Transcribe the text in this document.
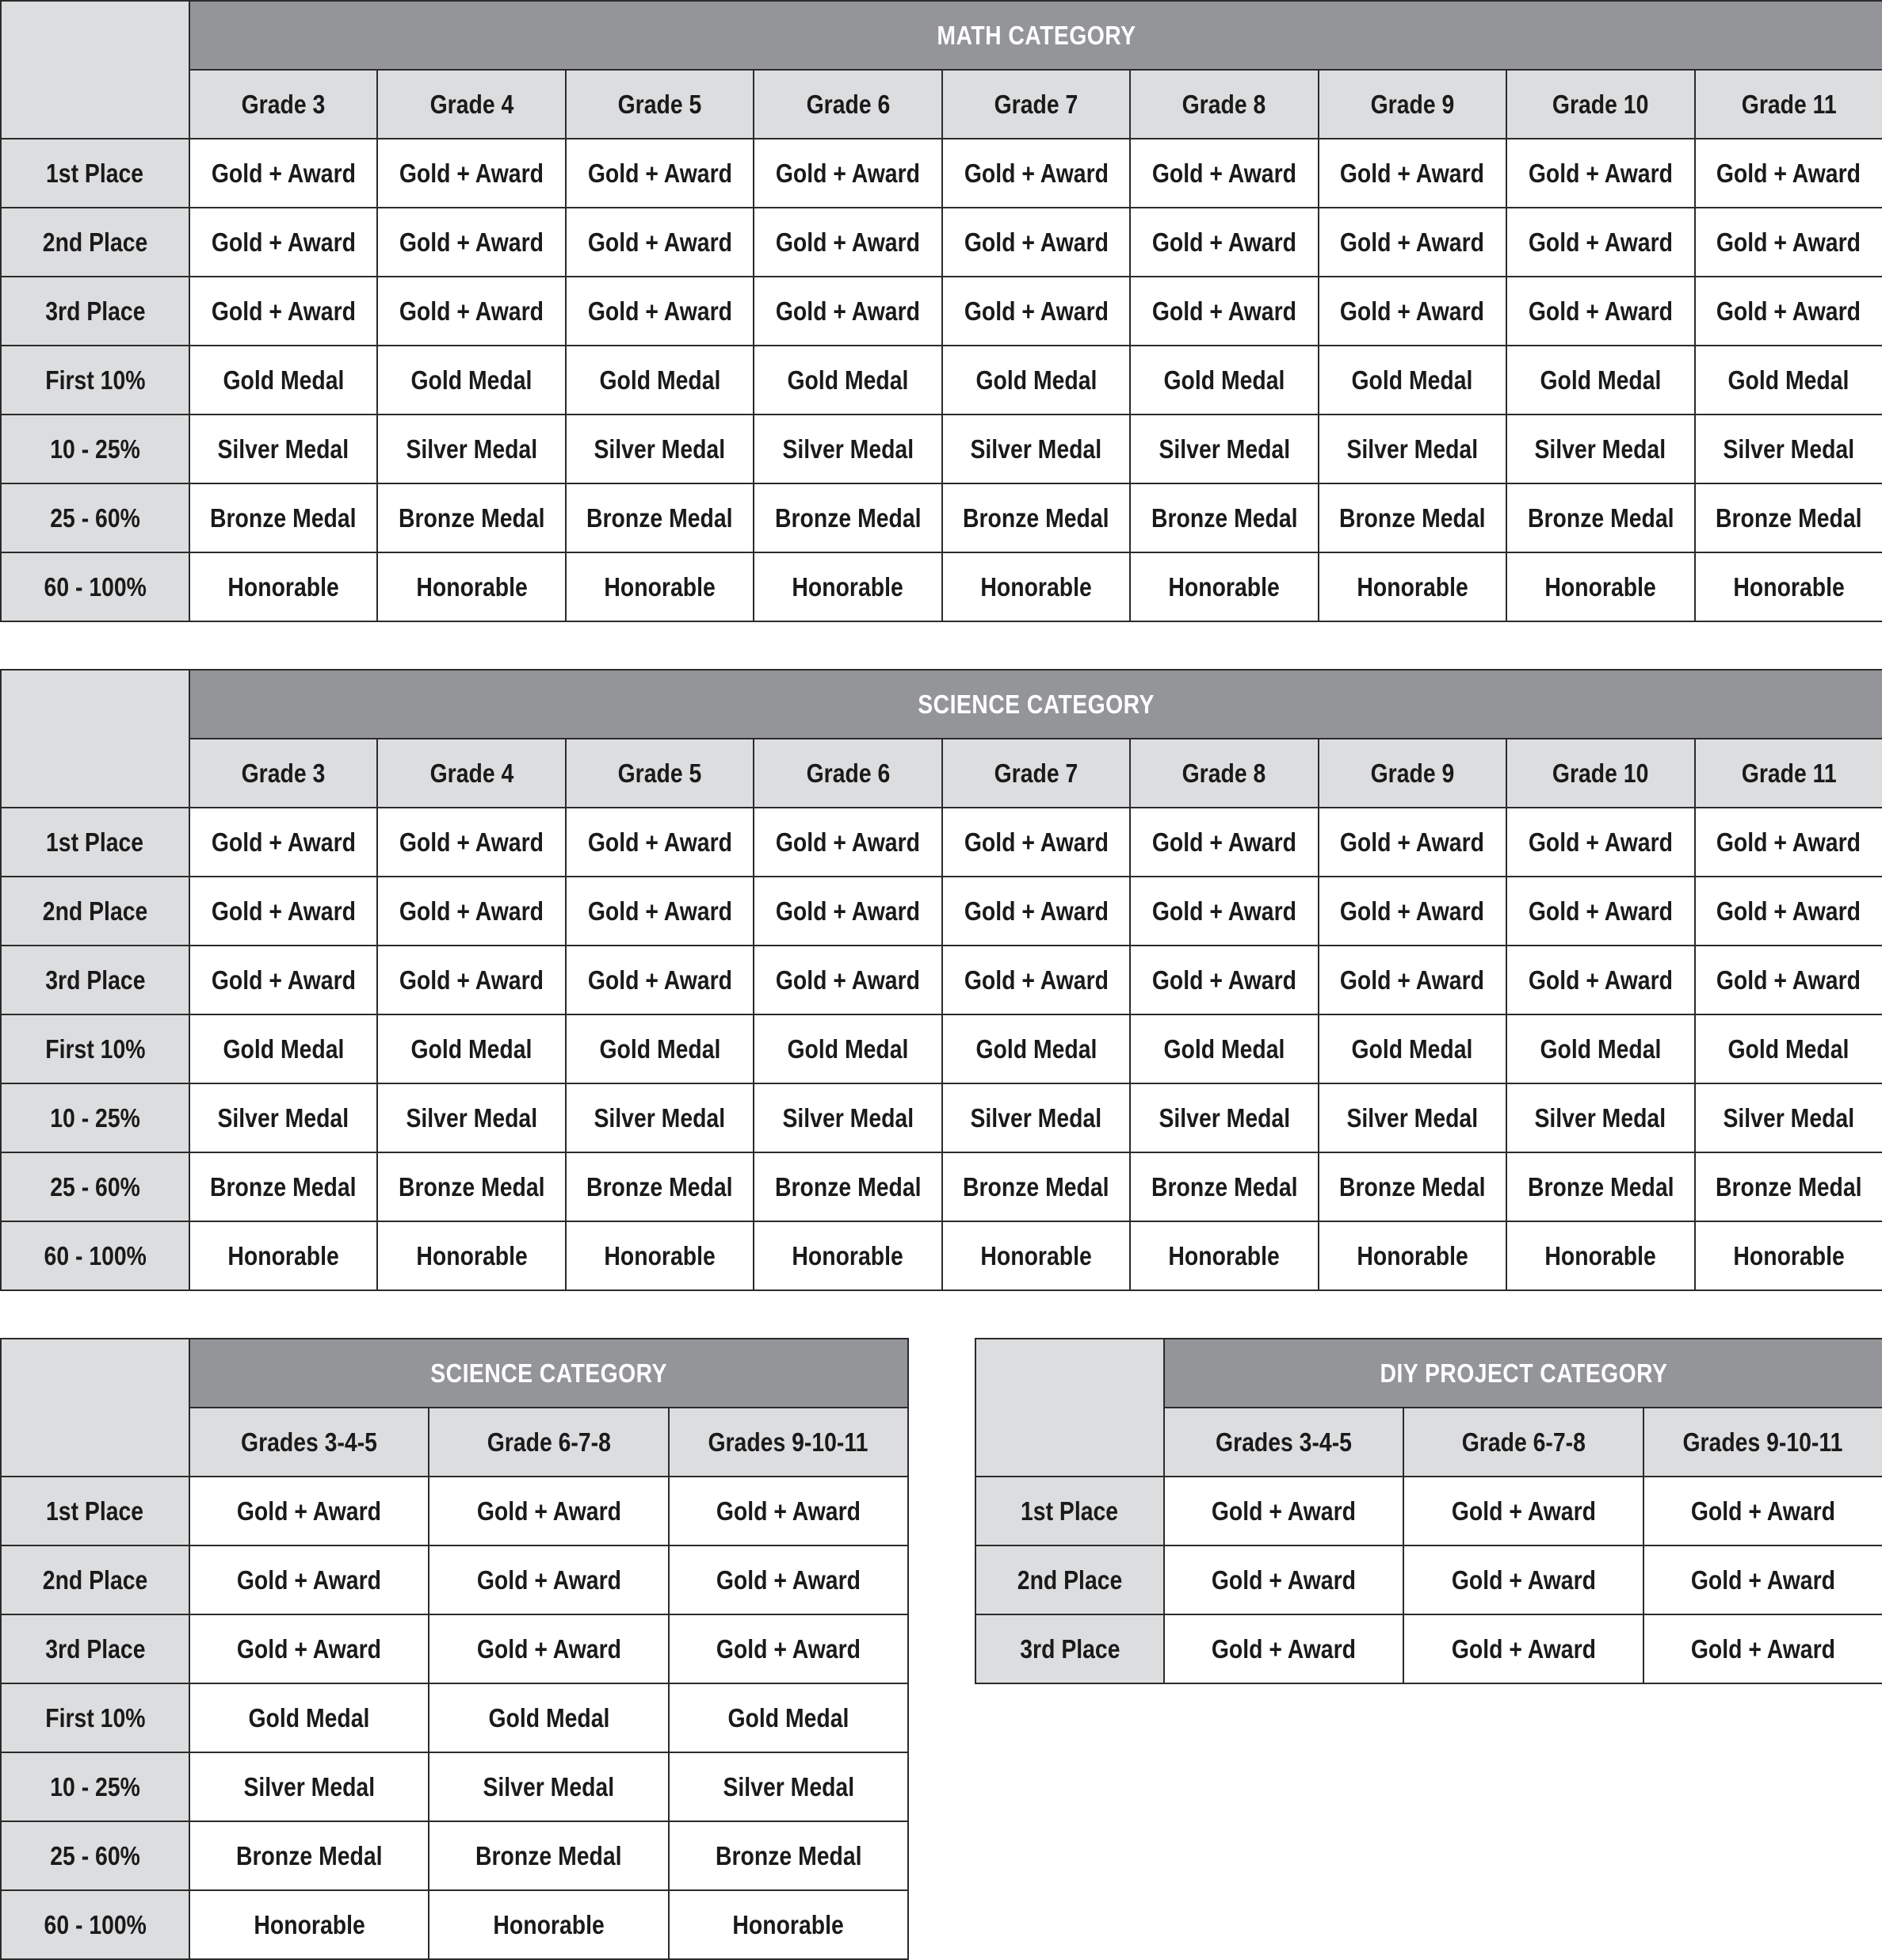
	MATH CATEGORY								
	Grade 3	Grade 4	Grade 5	Grade 6	Grade 7	Grade 8	Grade 9	Grade 10	Grade 11
1st Place	Gold + Award	Gold + Award	Gold + Award	Gold + Award	Gold + Award	Gold + Award	Gold + Award	Gold + Award	Gold + Award
2nd Place	Gold + Award	Gold + Award	Gold + Award	Gold + Award	Gold + Award	Gold + Award	Gold + Award	Gold + Award	Gold + Award
3rd Place	Gold + Award	Gold + Award	Gold + Award	Gold + Award	Gold + Award	Gold + Award	Gold + Award	Gold + Award	Gold + Award
First 10%	Gold Medal	Gold Medal	Gold Medal	Gold Medal	Gold Medal	Gold Medal	Gold Medal	Gold Medal	Gold Medal
10 - 25%	Silver Medal	Silver Medal	Silver Medal	Silver Medal	Silver Medal	Silver Medal	Silver Medal	Silver Medal	Silver Medal
25 - 60%	Bronze Medal	Bronze Medal	Bronze Medal	Bronze Medal	Bronze Medal	Bronze Medal	Bronze Medal	Bronze Medal	Bronze Medal
60 - 100%	Honorable	Honorable	Honorable	Honorable	Honorable	Honorable	Honorable	Honorable	Honorable
	SCIENCE CATEGORY								
	Grade 3	Grade 4	Grade 5	Grade 6	Grade 7	Grade 8	Grade 9	Grade 10	Grade 11
1st Place	Gold + Award	Gold + Award	Gold + Award	Gold + Award	Gold + Award	Gold + Award	Gold + Award	Gold + Award	Gold + Award
2nd Place	Gold + Award	Gold + Award	Gold + Award	Gold + Award	Gold + Award	Gold + Award	Gold + Award	Gold + Award	Gold + Award
3rd Place	Gold + Award	Gold + Award	Gold + Award	Gold + Award	Gold + Award	Gold + Award	Gold + Award	Gold + Award	Gold + Award
First 10%	Gold Medal	Gold Medal	Gold Medal	Gold Medal	Gold Medal	Gold Medal	Gold Medal	Gold Medal	Gold Medal
10 - 25%	Silver Medal	Silver Medal	Silver Medal	Silver Medal	Silver Medal	Silver Medal	Silver Medal	Silver Medal	Silver Medal
25 - 60%	Bronze Medal	Bronze Medal	Bronze Medal	Bronze Medal	Bronze Medal	Bronze Medal	Bronze Medal	Bronze Medal	Bronze Medal
60 - 100%	Honorable	Honorable	Honorable	Honorable	Honorable	Honorable	Honorable	Honorable	Honorable
	SCIENCE CATEGORY		
	Grades 3-4-5	Grade 6-7-8	Grades 9-10-11
1st Place	Gold + Award	Gold + Award	Gold + Award
2nd Place	Gold + Award	Gold + Award	Gold + Award
3rd Place	Gold + Award	Gold + Award	Gold + Award
First 10%	Gold Medal	Gold Medal	Gold Medal
10 - 25%	Silver Medal	Silver Medal	Silver Medal
25 - 60%	Bronze Medal	Bronze Medal	Bronze Medal
60 - 100%	Honorable	Honorable	Honorable
	DIY PROJECT CATEGORY		
	Grades 3-4-5	Grade 6-7-8	Grades 9-10-11
1st Place	Gold + Award	Gold + Award	Gold + Award
2nd Place	Gold + Award	Gold + Award	Gold + Award
3rd Place	Gold + Award	Gold + Award	Gold + Award
